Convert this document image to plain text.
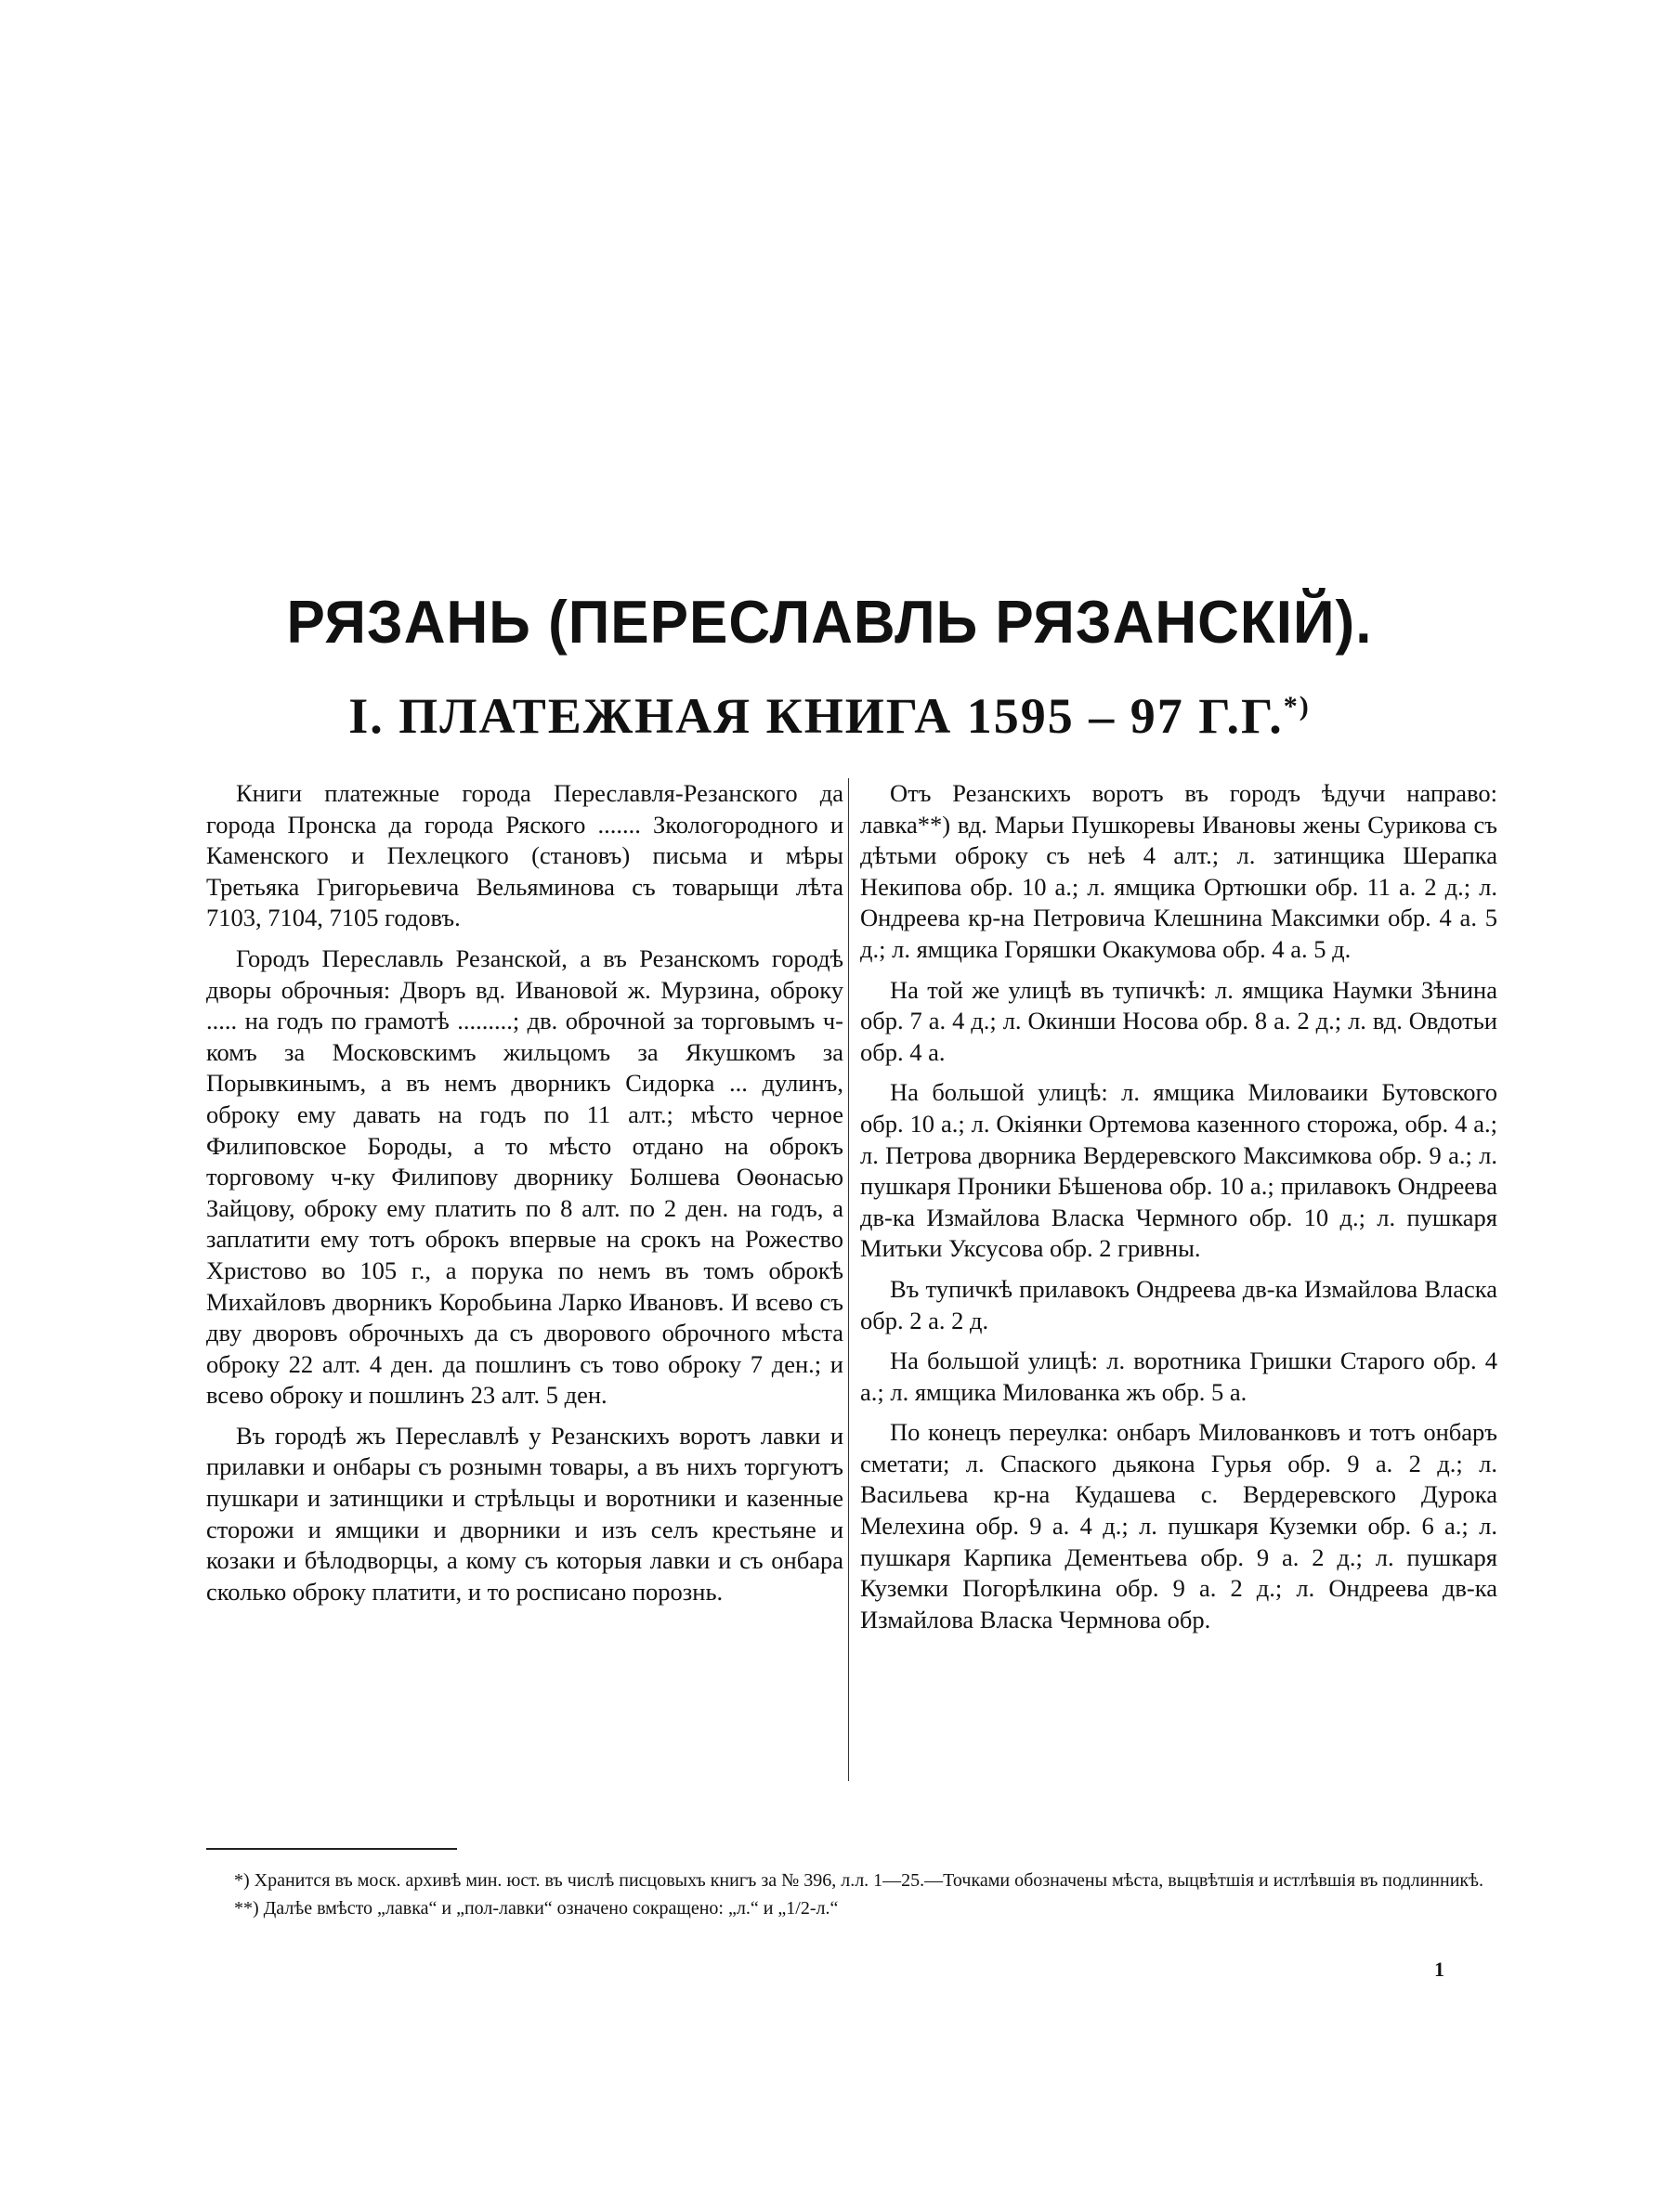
РЯЗАНЬ (ПЕРЕСЛАВЛЬ РЯЗАНСКIЙ).
I. ПЛАТЕЖНАЯ КНИГА 1595 – 97 Г.Г.*)

Книги платежные города Переславля-Резанского да города Пронска да города Ряского ....... Зкологородного и Каменского и Пехлецкого (становъ) письма и мѣры Третьяка Григорьевича Вельяминова съ товарыщи лѣта 7103, 7104, 7105 годовъ.

Городъ Переславль Резанской, а въ Резанскомъ городѣ дворы оброчныя: Дворъ вд. Ивановой ж. Мурзина, оброку ..... на годъ по грамотѣ .........; дв. оброчной за торговымъ ч-комъ за Московскимъ жильцомъ за Якушкомъ за Порывкинымъ, а въ немъ дворникъ Сидорка ... дулинъ, оброку ему давать на годъ по 11 алт.; мѣсто черное Филиповское Бороды, а то мѣсто отдано на оброкъ торговому ч-ку Филипову дворнику Болшева Оѳонасью Зайцову, оброку ему платить по 8 алт. по 2 ден. на годъ, а заплатити ему тотъ оброкъ впервые на срокъ на Рожество Христово во 105 г., а порука по немъ въ томъ оброкѣ Михайловъ дворникъ Коробьина Ларко Ивановъ. И всево съ дву дворовъ оброчныхъ да съ дворового оброчного мѣста оброку 22 алт. 4 ден. да пошлинъ съ тово оброку 7 ден.; и всево оброку и пошлинъ 23 алт. 5 ден.

Въ городѣ жъ Переславлѣ у Резанскихъ воротъ лавки и прилавки и онбары съ рознымн товары, а въ нихъ торгуютъ пушкари и затинщики и стрѣльцы и воротники и казенные сторожи и ямщики и дворники и изъ селъ крестьяне и козаки и бѣлодворцы, а кому съ которыя лавки и съ онбара сколько оброку платити, и то росписано порознь.

Отъ Резанскихъ воротъ въ городъ ѣдучи направо: лавка**) вд. Марьи Пушкоревы Ивановы жены Сурикова съ дѣтьми оброку съ неѣ 4 алт.; л. затинщика Шерапка Некипова обр. 10 а.; л. ямщика Ортюшки обр. 11 а. 2 д.; л. Ондреева кр-на Петровича Клешнина Максимки обр. 4 а. 5 д.; л. ямщика Горяшки Окакумова обр. 4 а. 5 д.

На той же улицѣ въ тупичкѣ: л. ямщика Наумки Зѣнина обр. 7 а. 4 д.; л. Окинши Носова обр. 8 а. 2 д.; л. вд. Овдотьи обр. 4 а.

На большой улицѣ: л. ямщика Миловаики Бутовского обр. 10 а.; л. Окiянки Ортемова казенного сторожа, обр. 4 а.; л. Петрова дворника Вердеревского Максимкова обр. 9 а.; л. пушкаря Проники Бѣшенова обр. 10 а.; прилавокъ Ондреева дв-ка Измайлова Власка Чермного обр. 10 д.; л. пушкаря Митьки Уксусова обр. 2 гривны.

Въ тупичкѣ прилавокъ Ондреева дв-ка Измайлова Власка обр. 2 а. 2 д.

На большой улицѣ: л. воротника Гришки Старого обр. 4 а.; л. ямщика Милованка жъ обр. 5 а.

По конецъ переулка: онбаръ Милованковъ и тотъ онбаръ сметати; л. Спаского дьякона Гурья обр. 9 а. 2 д.; л. Васильева кр-на Кудашева с. Вердеревского Дурока Мелехина обр. 9 а. 4 д.; л. пушкаря Куземки обр. 6 а.; л. пушкаря Карпика Дементьева обр. 9 а. 2 д.; л. пушкаря Куземки Погорѣлкина обр. 9 а. 2 д.; л. Ондреева дв-ка Измайлова Власка Чермнова обр.

*) Хранится въ моск. архивѣ мин. юст. въ числѣ писцовыхъ книгъ за № 396, л.л. 1—25.—Точками обозначены мѣста, выцвѣтшiя и истлѣвшiя въ подлинникѣ.

**) Далѣе вмѣсто „лавка“ и „пол-лавки“ означено сокращено: „л.“ и „1/2-л.“

1
